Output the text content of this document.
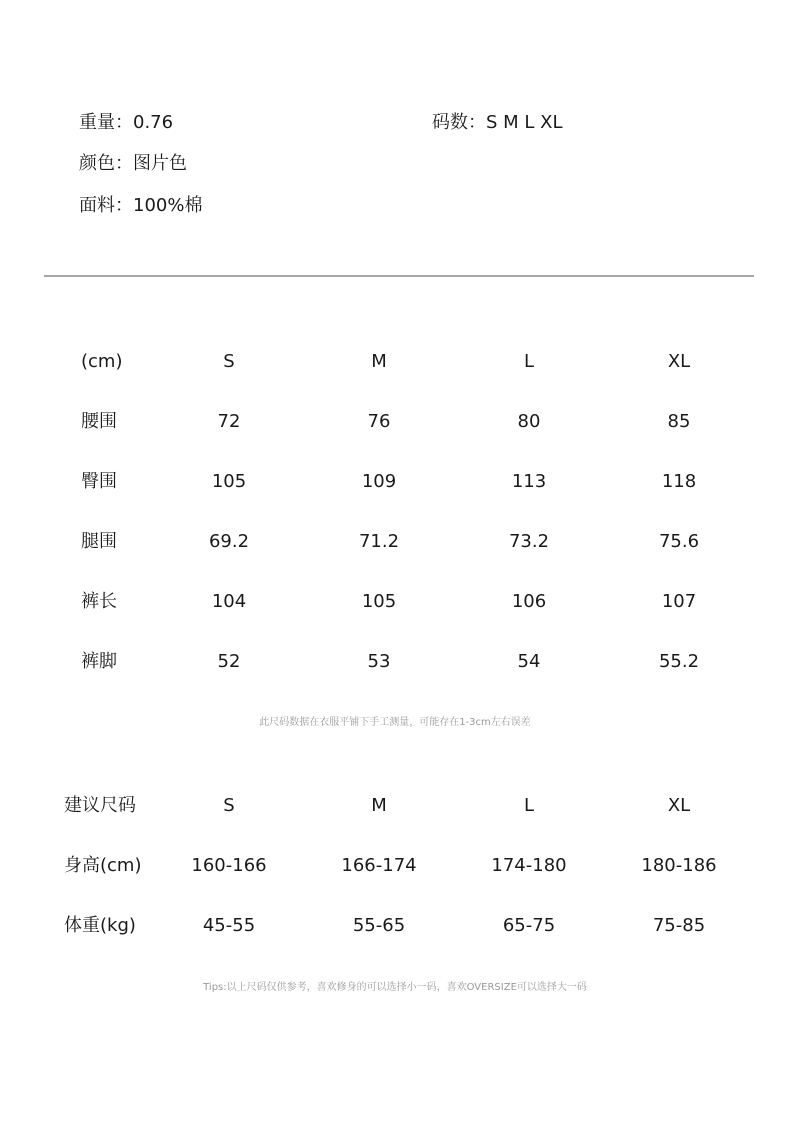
重量：0.76	码数：S M L XL
颜色：图片色
面料：100%棉
(cm)	S	M	L	XL
腰围	72	76	80	85
臀围	105	109	113	118
腿围	69.2	71.2	73.2	75.6
裤长	104	105	106	107
裤脚	52	53	54	55.2
此尺码数据在衣服平铺下手工测量，可能存在1-3cm左右误差
建议尺码	S	M	L	XL
身高(cm)	160-166	166-174	174-180	180-186
体重(kg)	45-55	55-65	65-75	75-85
Tips:以上尺码仅供参考，喜欢修身的可以选择小一码，喜欢OVERSIZE可以选择大一码
